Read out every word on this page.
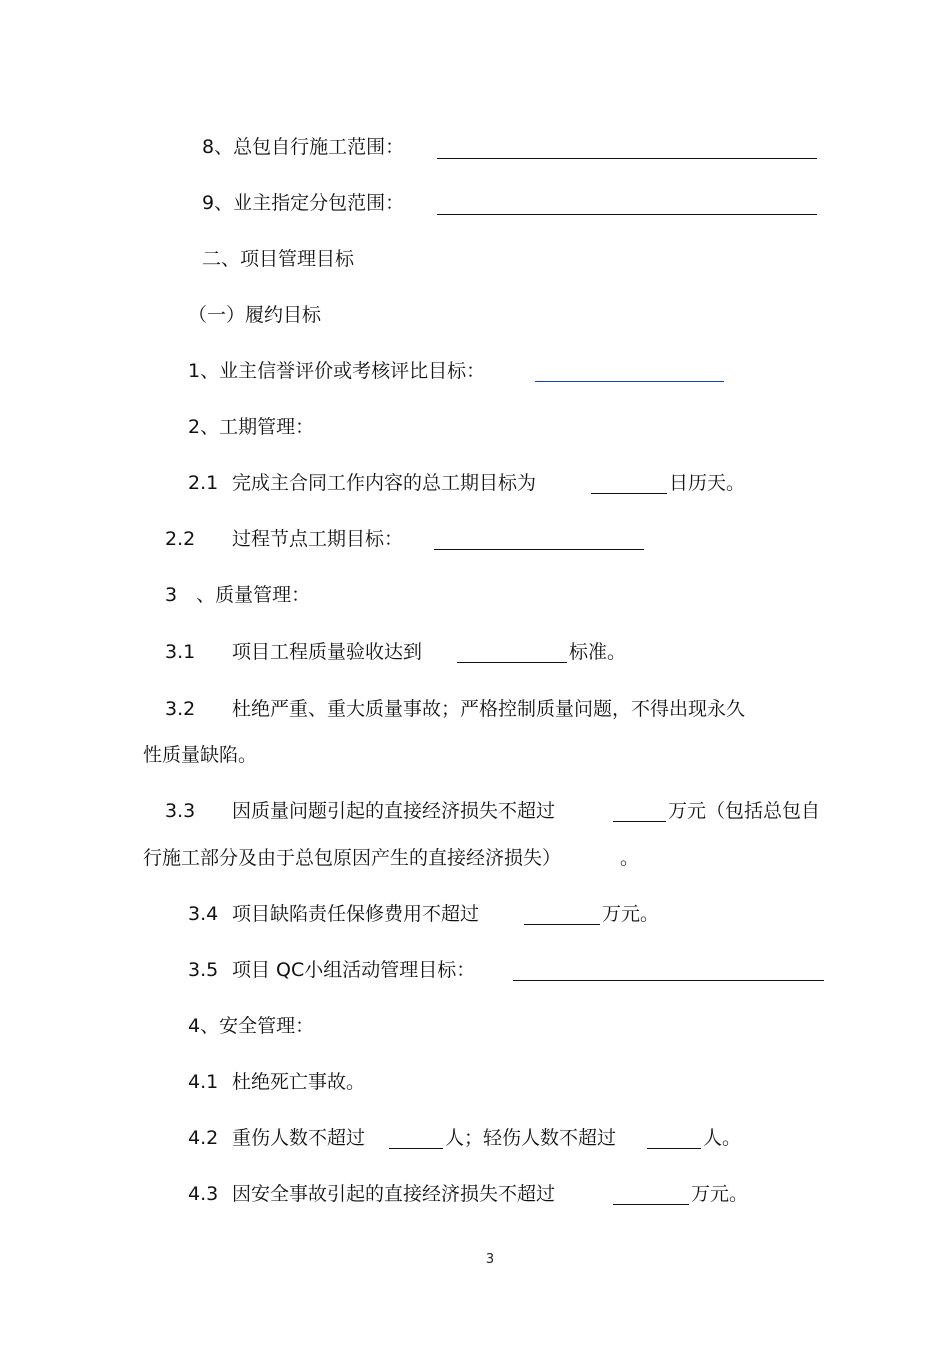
8、总包自行施工范围：
9、业主指定分包范围：
二、项目管理目标
（一）履约目标
1、业主信誉评价或考核评比目标：
2、工期管理：
2.1 完成主合同工作内容的总工期目标为	日历天。
2.2 过程节点工期目标：
3　、质量管理：
3.1 项目工程质量验收达到	标准。
3.2 杜绝严重、重大质量事故；严格控制质量问题，不得出现永久
性质量缺陷。
3.3 因质量问题引起的直接经济损失不超过	万元（包括总包自
行施工部分及由于总包原因产生的直接经济损失）	。
3.4 项目缺陷责任保修费用不超过	万元。
3.5 项目 QC小组活动管理目标：
4、安全管理：
4.1 杜绝死亡事故。
4.2 重伤人数不超过	人；轻伤人数不超过	人。
4.3 因安全事故引起的直接经济损失不超过	万元。
3
